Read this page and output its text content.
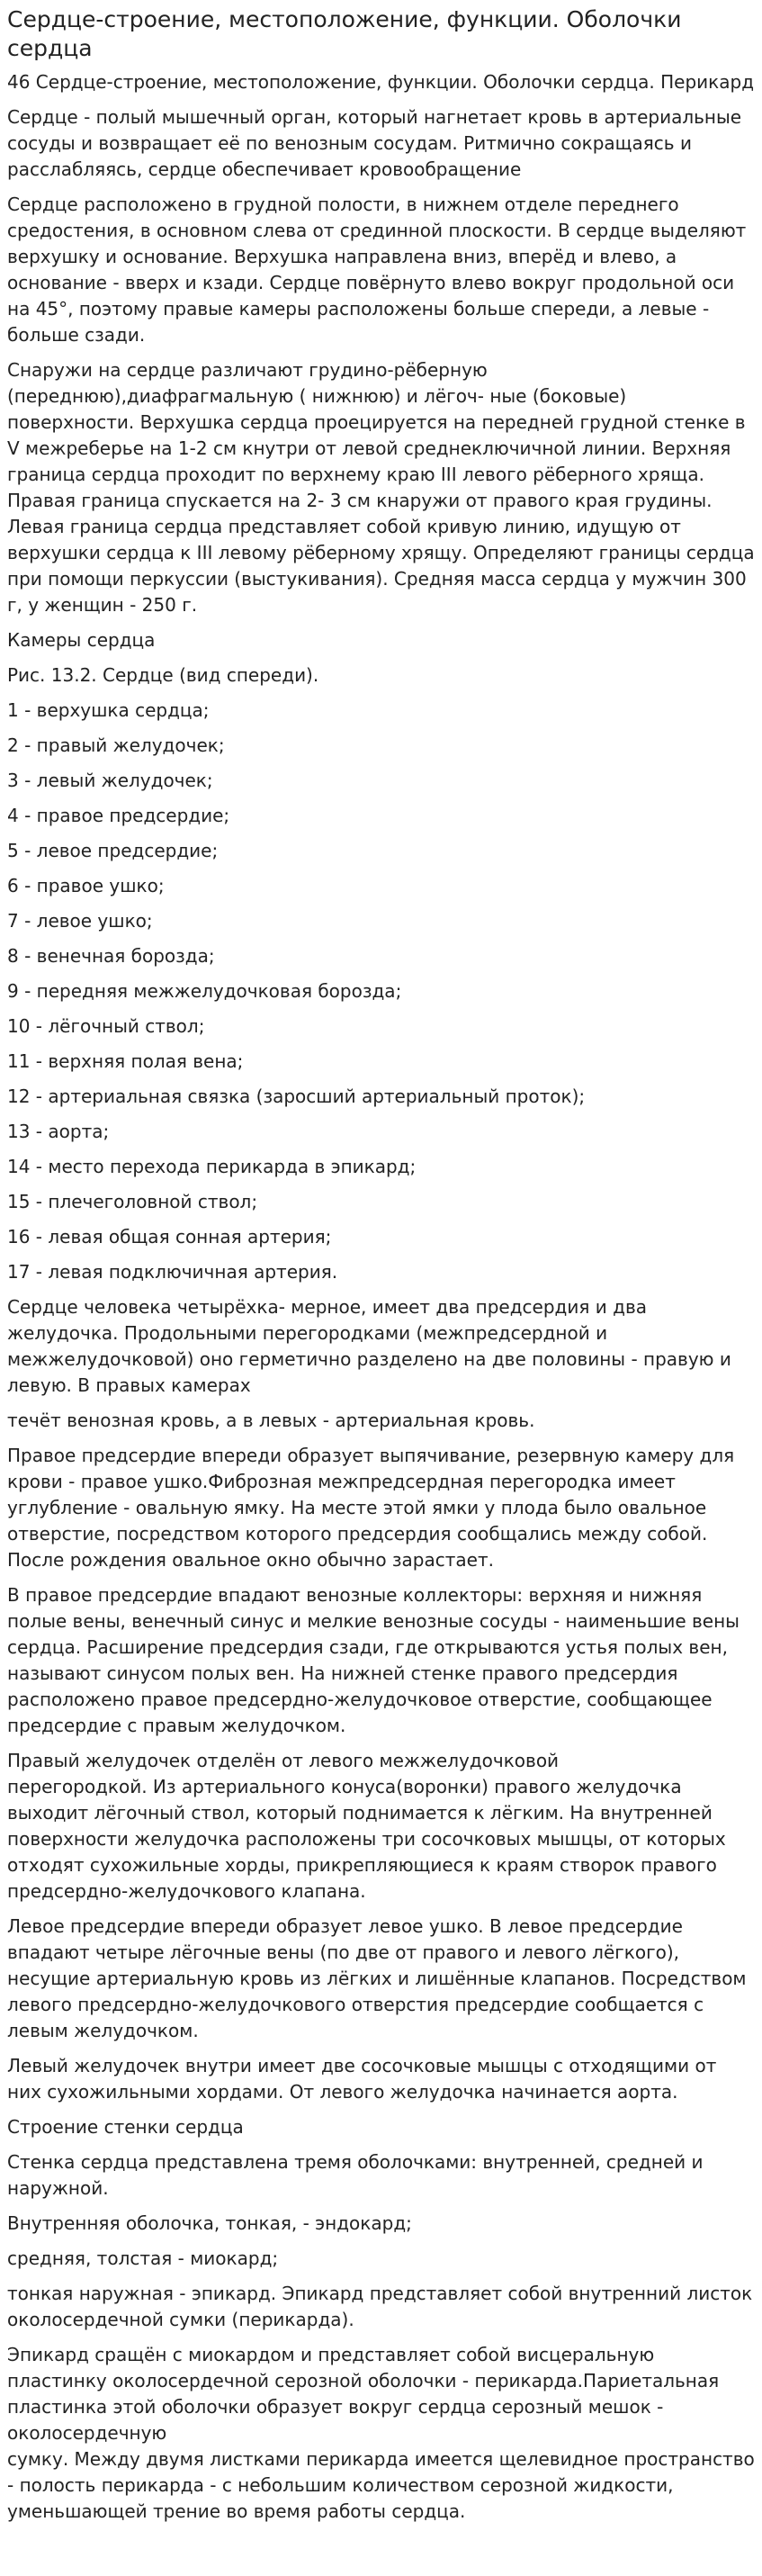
Сердце-строение, местоположение, функции. Оболочки сердца

46 Сердце-строение, местоположение, функции. Оболочки сердца. Перикард

Сердце - полый мышечный орган, который нагнетает кровь в артериальные сосуды и возвращает её по венозным сосудам. Ритмично сокращаясь и расслабляясь, сердце обеспечивает кровообращение

Сердце расположено в грудной полости, в нижнем отделе переднего средостения, в основном слева от срединной плоскости. В сердце выделяют верхушку и основание. Верхушка направлена вниз, вперёд и влево, а основание - вверх и кзади. Сердце повёрнуто влево вокруг продольной оси на 45°, поэтому правые камеры расположены больше спереди, а левые - больше сзади.

Снаружи на сердце различают грудино-рёберную (переднюю),диафрагмальную ( нижнюю) и лёгоч- ные (боковые) поверхности. Верхушка сердца проецируется на передней грудной стенке в V межреберье на 1-2 см кнутри от левой среднеключичной линии. Верхняя граница сердца проходит по верхнему краю III левого рёберного хряща. Правая граница спускается на 2- 3 см кнаружи от правого края грудины. Левая граница сердца представляет собой кривую линию, идущую от верхушки сердца к III левому рёберному хрящу. Определяют границы сердца при помощи перкуссии (выстукивания). Средняя масса сердца у мужчин 300 г, у женщин - 250 г.

Камеры сердца

Рис. 13.2. Сердце (вид спереди).

1 - верхушка сердца;

2 - правый желудочек;

3 - левый желудочек;

4 - правое предсердие;

5 - левое предсердие;

6 - правое ушко;

7 - левое ушко;

8 - венечная борозда;

9 - передняя межжелудочковая борозда;

10 - лёгочный ствол;

11 - верхняя полая вена;

12 - артериальная связка (заросший артериальный проток);

13 - аорта;

14 - место перехода перикарда в эпикард;

15 - плечеголовной ствол;

16 - левая общая сонная артерия;

17 - левая подключичная артерия.

Сердце человека четырёхка- мерное, имеет два предсердия и два желудочка. Продольными перегородками (межпредсердной и межжелудочковой) оно герметично разделено на две половины - правую и левую. В правых камерах

течёт венозная кровь, а в левых - артериальная кровь.

Правое предсердие впереди образует выпячивание, резервную камеру для крови - правое ушко.Фиброзная межпредсердная перегородка имеет углубление - овальную ямку. На месте этой ямки у плода было овальное
отверстие, посредством которого предсердия сообщались между собой. После рождения овальное окно обычно зарастает.

В правое предсердие впадают венозные коллекторы: верхняя и нижняя полые вены, венечный синус и мелкие венозные сосуды - наименьшие вены сердца. Расширение предсердия сзади, где открываются устья полых вен,
называют синусом полых вен. На нижней стенке правого предсердия расположено правое предсердно-желудочковое отверстие, сообщающее предсердие с правым желудочком.

Правый желудочек отделён от левого межжелудочковой
перегородкой. Из артериального конуса(воронки) правого желудочка
выходит лёгочный ствол, который поднимается к лёгким. На внутренней поверхности желудочка расположены три сосочковых мышцы, от которых отходят сухожильные хорды, прикрепляющиеся к краям створок правого предсердно-желудочкового клапана.

Левое предсердие впереди образует левое ушко. В левое предсердие
впадают четыре лёгочные вены (по две от правого и левого лёгкого), несущие артериальную кровь из лёгких и лишённые клапанов. Посредством левого предсердно-желудочкового отверстия предсердие сообщается с левым желудочком.

Левый желудочек внутри имеет две сосочковые мышцы с отходящими от них сухожильными хордами. От левого желудочка начинается аорта.

Строение стенки сердца

Стенка сердца представлена тремя оболочками: внутренней, средней и наружной.

Внутренняя оболочка, тонкая, - эндокард;

средняя, толстая - миокард;

тонкая наружная - эпикард. Эпикард представляет собой внутренний листок околосердечной сумки (перикарда).

Эпикард сращён с миокардом и представляет собой висцеральную пластинку околосердечной серозной оболочки - перикарда.Париетальная пластинка этой оболочки образует вокруг сердца серозный мешок - околосердечную
сумку. Между двумя листками перикарда имеется щелевидное пространство
- полость перикарда - с небольшим количеством серозной жидкости, уменьшающей трение во время работы сердца.
